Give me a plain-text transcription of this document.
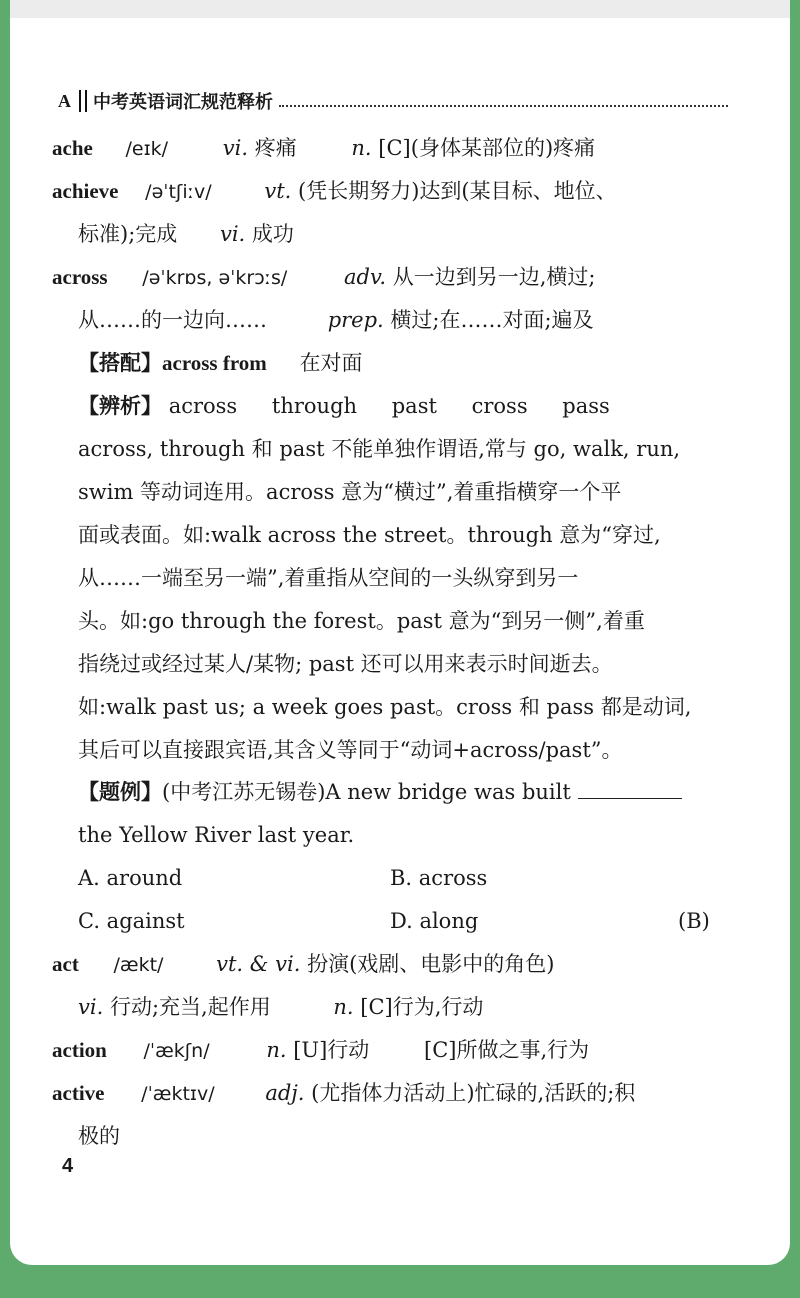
A 中考英语词汇规范释析
ache /eɪk/	vi. 疼痛	n. [C](身体某部位的)疼痛
achieve /əˈtʃiːv/	vt. (凭长期努力)达到(某目标、地位、
标准);完成 vi. 成功
across /əˈkrɒs, əˈkrɔːs/	adv. 从一边到另一边,横过;
从……的一边向……	prep. 横过;在……对面;遍及
【搭配】across from 在对面
【辨析】 across through past cross pass
across, through 和 past 不能单独作谓语,常与 go, walk, run,
swim 等动词连用。across 意为“横过”,着重指横穿一个平
面或表面。如:walk across the street。through 意为“穿过,
从……一端至另一端”,着重指从空间的一头纵穿到另一
头。如:go through the forest。past 意为“到另一侧”,着重
指绕过或经过某人/某物; past 还可以用来表示时间逝去。
如:walk past us; a week goes past。cross 和 pass 都是动词,
其后可以直接跟宾语,其含义等同于“动词+across/past”。
【题例】(中考江苏无锡卷)A new bridge was built
the Yellow River last year.
A. around	B. across
C. against	D. along	(B)
act /ækt/	vt. & vi. 扮演(戏剧、电影中的角色)
vi. 行动;充当,起作用	n. [C]行为,行动
action /ˈækʃn/	n. [U]行动	[C]所做之事,行为
active /ˈæktɪv/ adj. (尤指体力活动上)忙碌的,活跃的;积
极的
4
